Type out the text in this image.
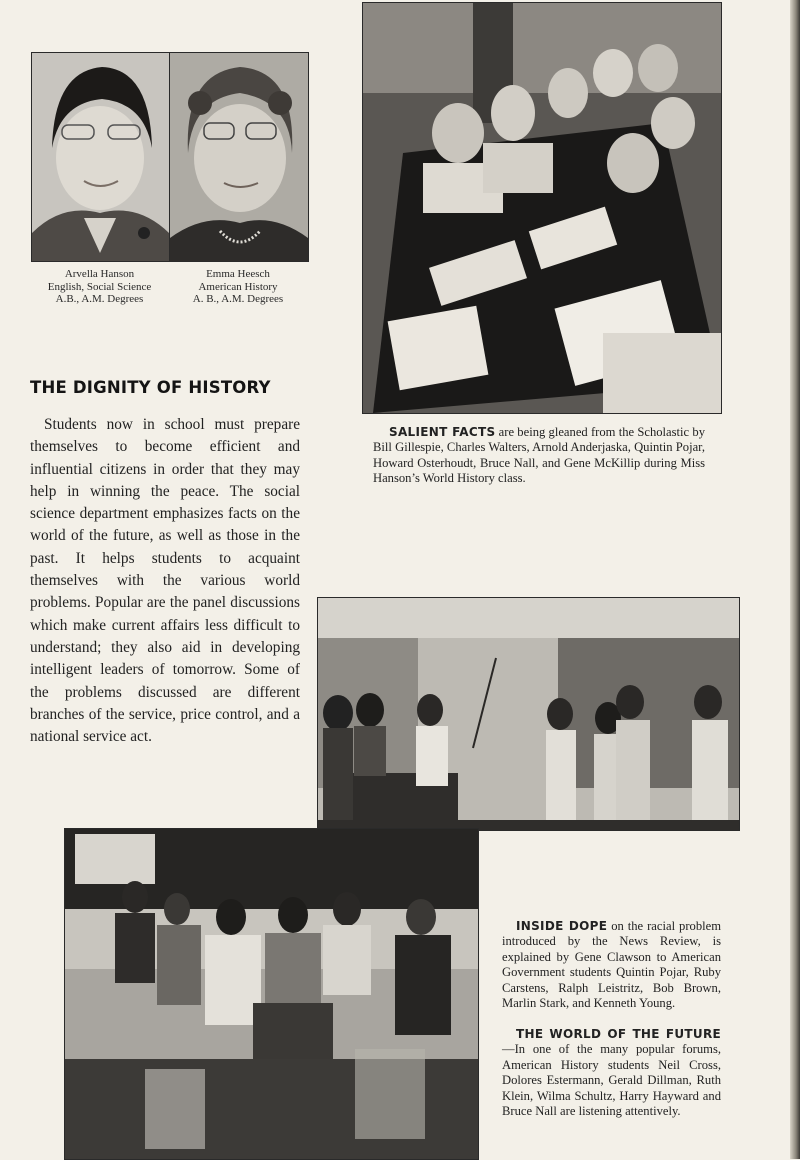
Arvella Hanson
English, Social Science
A.B., A.M. Degrees
Emma Heesch
American History
A. B., A.M. Degrees
THE DIGNITY OF HISTORY

Students now in school must prepare themselves to become efficient and influential citizens in order that they may help in winning the peace. The social science department emphasizes facts on the world of the future, as well as those in the past. It helps students to acquaint themselves with the various world problems. Popular are the panel discussions which make current affairs less difficult to understand; they also aid in developing intelligent leaders of tomorrow. Some of the problems discussed are different branches of the service, price control, and a national service act.

SALIENT FACTS are being gleaned from the Scholastic by Bill Gillespie, Charles Walters, Arnold Anderjaska, Quintin Pojar, Howard Osterhoudt, Bruce Nall, and Gene McKillip during Miss Hanson’s World History class.

INSIDE DOPE on the racial problem introduced by the News Review, is explained by Gene Clawson to American Government students Quintin Pojar, Ruby Carstens, Ralph Leistritz, Bob Brown, Marlin Stark, and Kenneth Young.

THE WORLD OF THE FUTURE—In one of the many popular forums, American History students Neil Cross, Dolores Estermann, Gerald Dillman, Ruth Klein, Wilma Schultz, Harry Hayward and Bruce Nall are listening attentively.
